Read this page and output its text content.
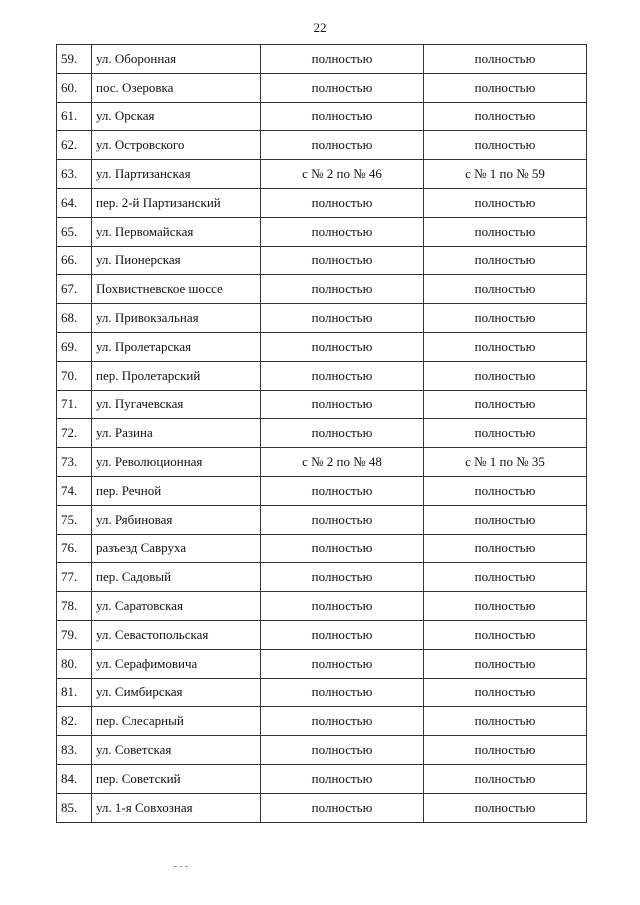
22
59.	ул. Оборонная	полностью	полностью
60.	пос. Озеровка	полностью	полностью
61.	ул. Орская	полностью	полностью
62.	ул. Островского	полностью	полностью
63.	ул. Партизанская	с № 2 по № 46	с № 1 по № 59
64.	пер. 2-й Партизанский	полностью	полностью
65.	ул. Первомайская	полностью	полностью
66.	ул. Пионерская	полностью	полностью
67.	Похвистневское шоссе	полностью	полностью
68.	ул. Привокзальная	полностью	полностью
69.	ул. Пролетарская	полностью	полностью
70.	пер. Пролетарский	полностью	полностью
71.	ул. Пугачевская	полностью	полностью
72.	ул. Разина	полностью	полностью
73.	ул. Революционная	с № 2 по № 48	с № 1 по № 35
74.	пер. Речной	полностью	полностью
75.	ул. Рябиновая	полностью	полностью
76.	разъезд Савруха	полностью	полностью
77.	пер. Садовый	полностью	полностью
78.	ул. Саратовская	полностью	полностью
79.	ул. Севастопольская	полностью	полностью
80.	ул. Серафимовича	полностью	полностью
81.	ул. Симбирская	полностью	полностью
82.	пер. Слесарный	полностью	полностью
83.	ул. Советская	полностью	полностью
84.	пер. Советский	полностью	полностью
85.	ул. 1-я Совхозная	полностью	полностью
